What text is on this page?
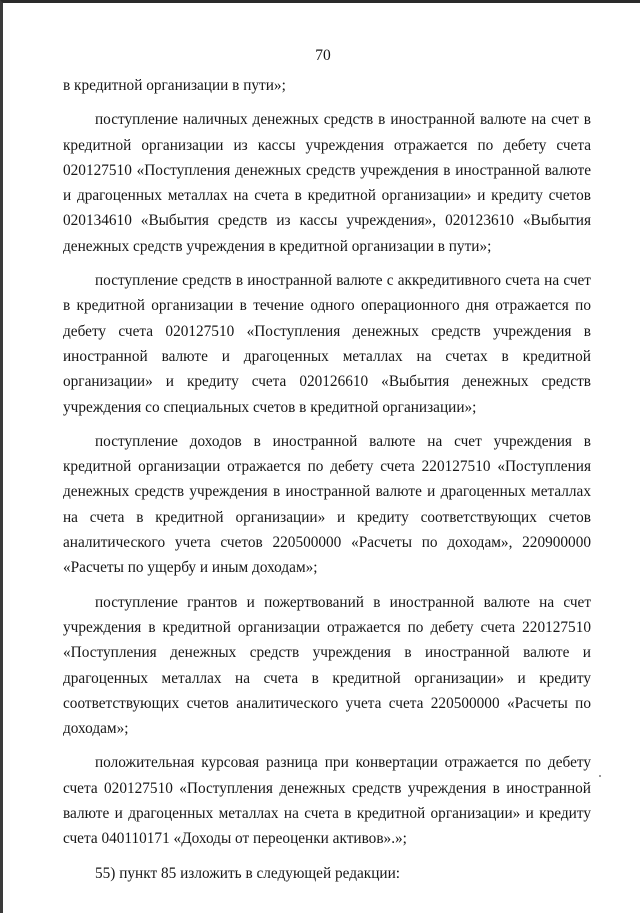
70

в кредитной организации в пути»;

поступление наличных денежных средств в иностранной валюте на счет в кредитной организации из кассы учреждения отражается по дебету счета 020127510 «Поступления денежных средств учреждения в иностранной валюте и драгоценных металлах на счета в кредитной организации» и кредиту счетов 020134610 «Выбытия средств из кассы учреждения», 020123610 «Выбытия денежных средств учреждения в кредитной организации в пути»;

поступление средств в иностранной валюте с аккредитивного счета на счет в кредитной организации в течение одного операционного дня отражается по дебету счета 020127510 «Поступления денежных средств учреждения в иностранной валюте и драгоценных металлах на счетах в кредитной организации» и кредиту счета 020126610 «Выбытия денежных средств учреждения со специальных счетов в кредитной организации»;

поступление доходов в иностранной валюте на счет учреждения в кредитной организации отражается по дебету счета 220127510 «Поступления денежных средств учреждения в иностранной валюте и драгоценных металлах на счета в кредитной организации» и кредиту соответствующих счетов аналитического учета счетов 220500000 «Расчеты по доходам», 220900000 «Расчеты по ущербу и иным доходам»;

поступление грантов и пожертвований в иностранной валюте на счет учреждения в кредитной организации отражается по дебету счета 220127510 «Поступления денежных средств учреждения в иностранной валюте и драгоценных металлах на счета в кредитной организации» и кредиту соответствующих счетов аналитического учета счета 220500000 «Расчеты по доходам»;

положительная курсовая разница при конвертации отражается по дебету счета 020127510 «Поступления денежных средств учреждения в иностранной валюте и драгоценных металлах на счета в кредитной организации» и кредиту счета 040110171 «Доходы от переоценки активов».»;

55) пункт 85 изложить в следующей редакции:
